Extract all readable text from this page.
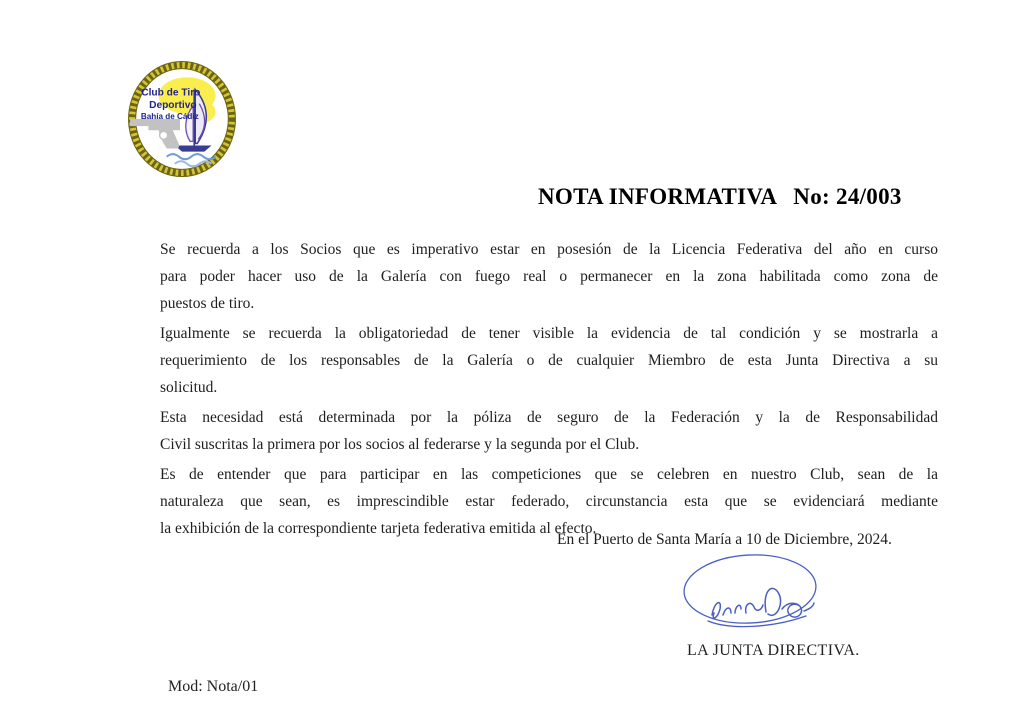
Club de Tiro
Deportivo
Bahía de Cádiz
NOTA INFORMATIVA No: 24/003

Se recuerda a los Socios que es imperativo estar en posesión de la Licencia Federativa del año en curso
para poder hacer uso de la Galería con fuego real o permanecer en la zona habilitada como zona de
puestos de tiro.

Igualmente se recuerda la obligatoriedad de tener visible la evidencia de tal condición y se mostrarla a
requerimiento de los responsables de la Galería o de cualquier Miembro de esta Junta Directiva a su
solicitud.

Esta necesidad está determinada por la póliza de seguro de la Federación y la de Responsabilidad
Civil suscritas la primera por los socios al federarse y la segunda por el Club.

Es de entender que para participar en las competiciones que se celebren en nuestro Club, sean de la
naturaleza que sean, es imprescindible estar federado, circunstancia esta que se evidenciará mediante
la exhibición de la correspondiente tarjeta federativa emitida al efecto.

En el Puerto de Santa María a 10 de Diciembre, 2024.
LA JUNTA DIRECTIVA.
Mod: Nota/01
